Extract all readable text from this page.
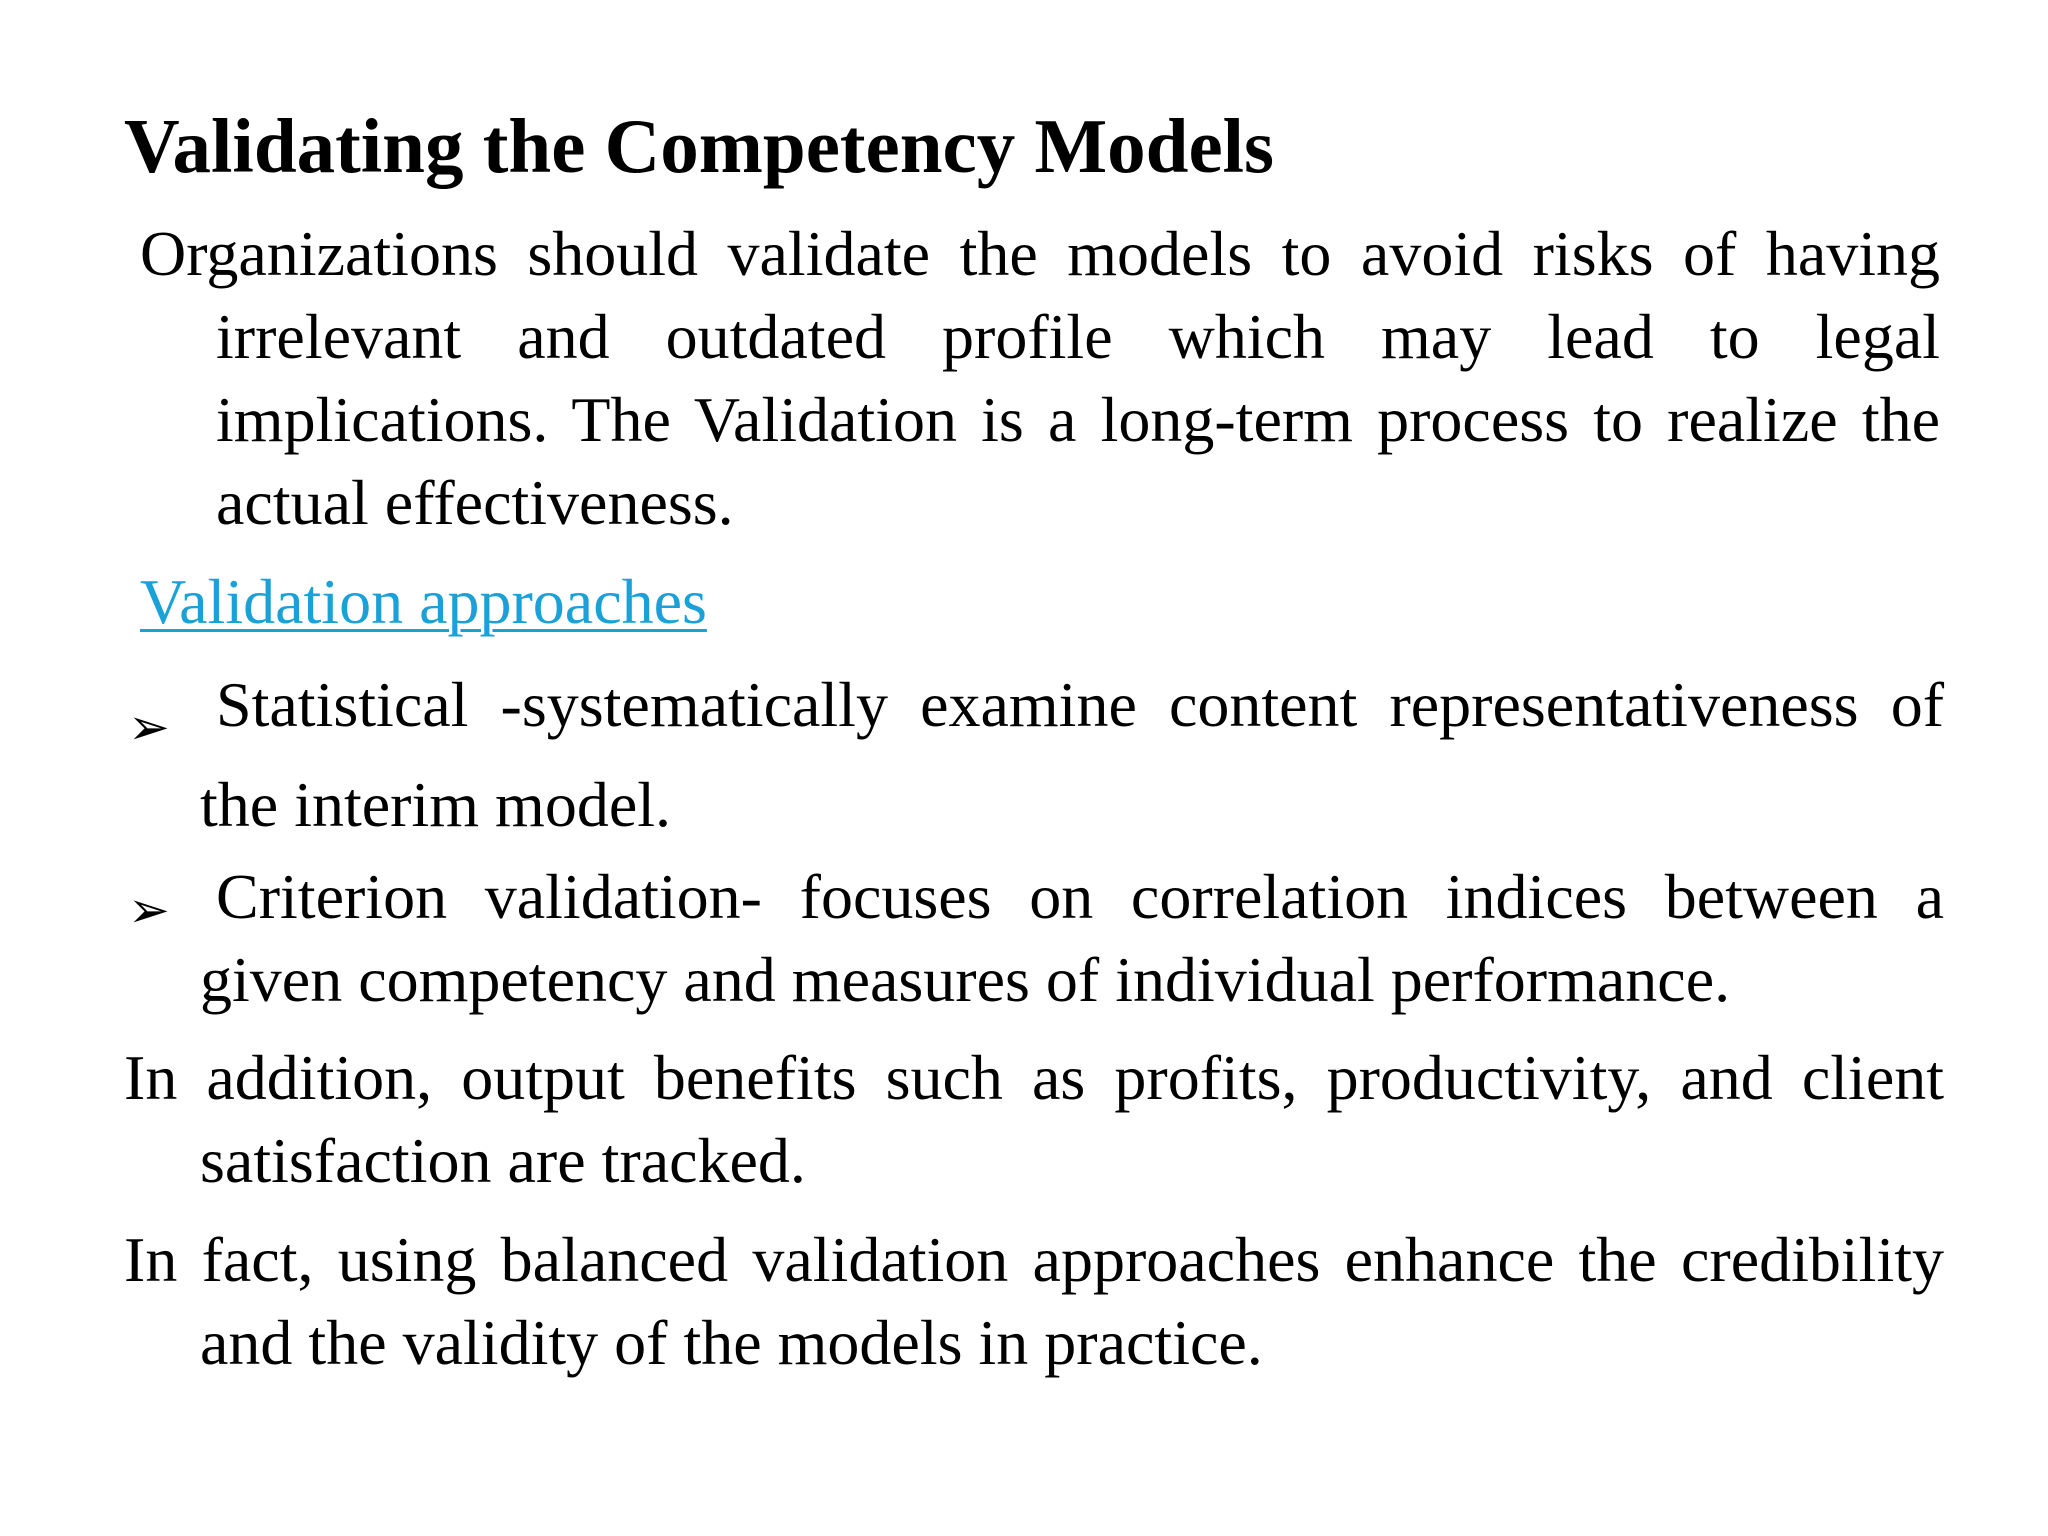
Validating the Competency Models
Organizations should validate the models to avoid risks of having irrelevant and outdated profile which may lead to legal implications. The Validation is a long-term process to realize the actual effectiveness.
Validation approaches
➢ Statistical -systematically examine content representativeness of the interim model.
➢ Criterion validation- focuses on correlation indices between a given competency and measures of individual performance.
In addition, output benefits such as profits, productivity, and client satisfaction are tracked.
In fact, using balanced validation approaches enhance the credibility and the validity of the models in practice.
